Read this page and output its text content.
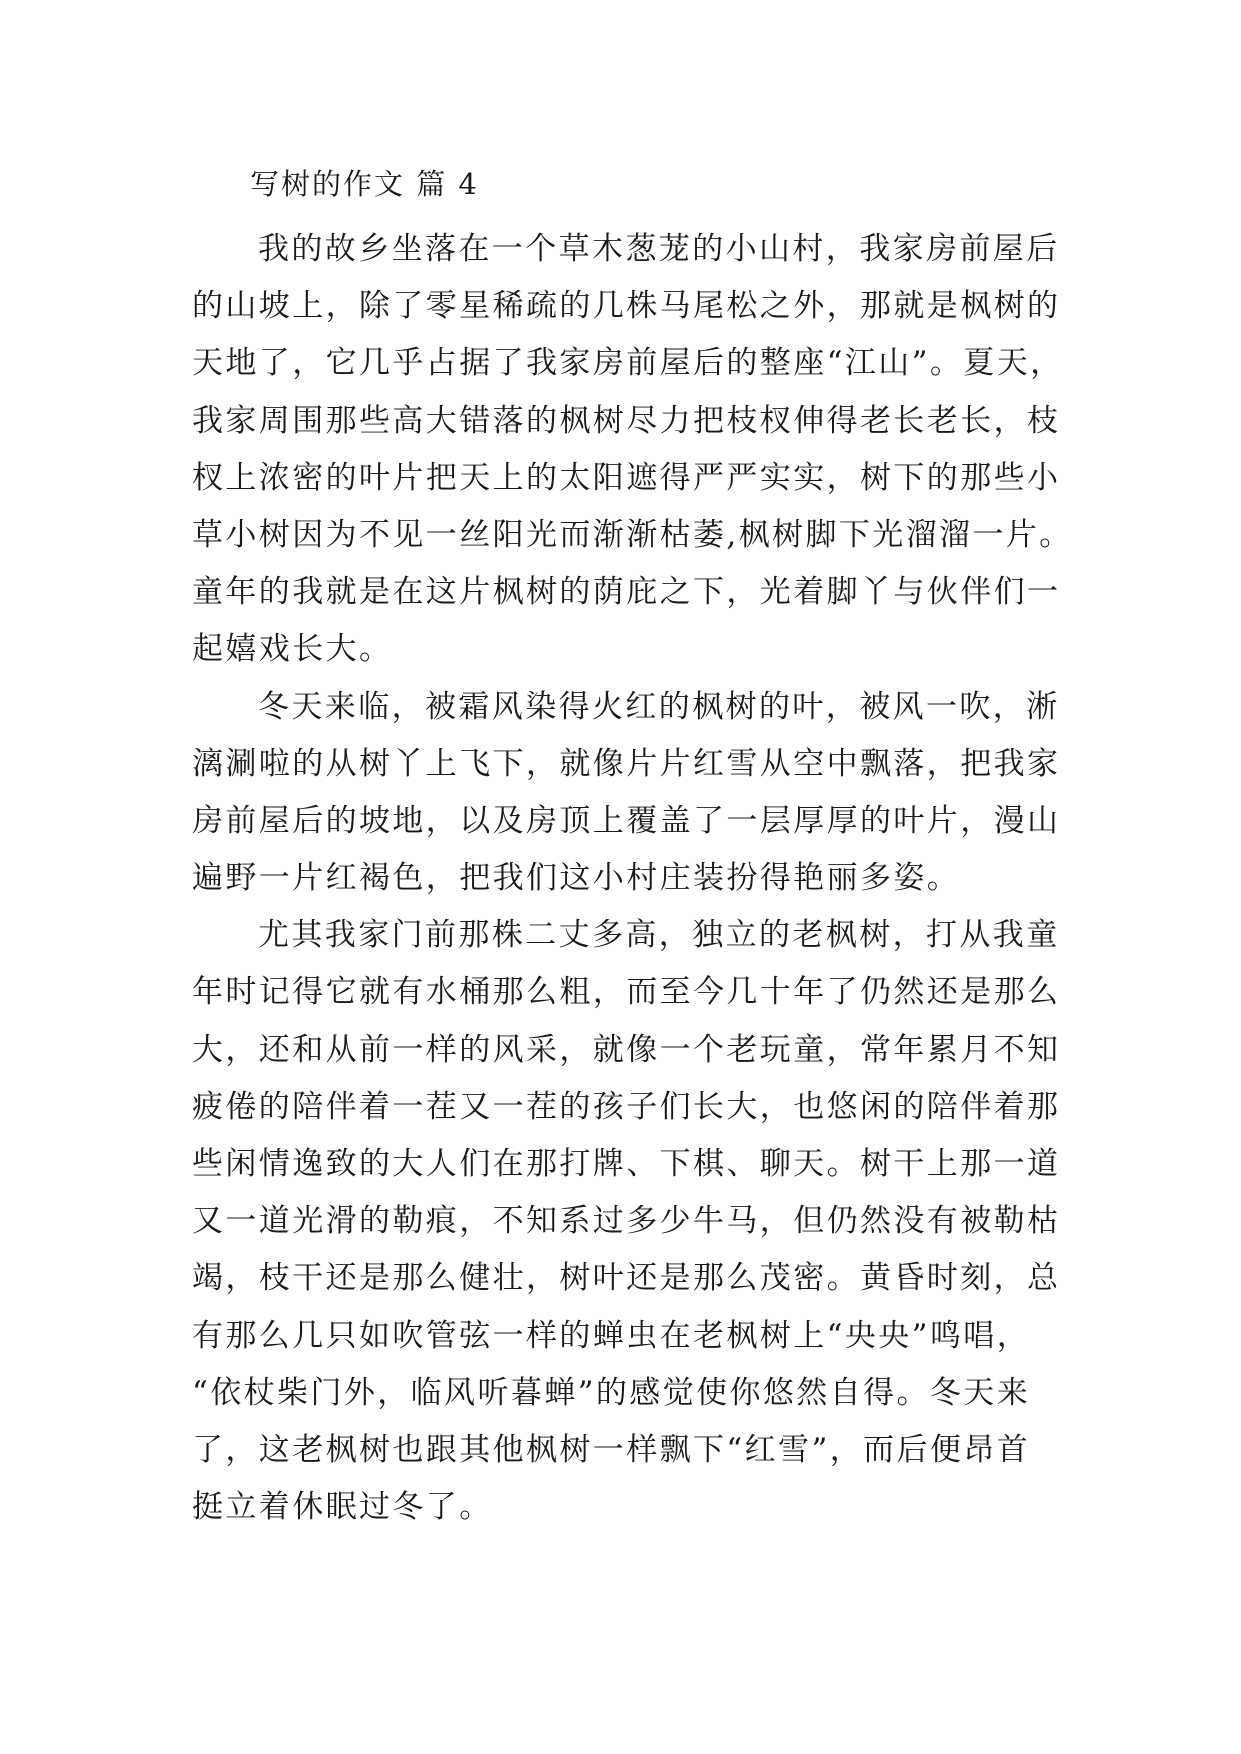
写树的作文 篇 4
我的故乡坐落在一个草木葱茏的小山村，我家房前屋后
的山坡上，除了零星稀疏的几株马尾松之外，那就是枫树的
天地了，它几乎占据了我家房前屋后的整座“江山”。夏天，
我家周围那些高大错落的枫树尽力把枝杈伸得老长老长，枝
杈上浓密的叶片把天上的太阳遮得严严实实，树下的那些小
草小树因为不见一丝阳光而渐渐枯萎,枫树脚下光溜溜一片。
童年的我就是在这片枫树的荫庇之下，光着脚丫与伙伴们一
起嬉戏长大。
冬天来临，被霜风染得火红的枫树的叶，被风一吹，淅
漓涮啦的从树丫上飞下，就像片片红雪从空中飘落，把我家
房前屋后的坡地，以及房顶上覆盖了一层厚厚的叶片，漫山
遍野一片红褐色，把我们这小村庄装扮得艳丽多姿。
尤其我家门前那株二丈多高，独立的老枫树，打从我童
年时记得它就有水桶那么粗，而至今几十年了仍然还是那么
大，还和从前一样的风采，就像一个老玩童，常年累月不知
疲倦的陪伴着一茬又一茬的孩子们长大，也悠闲的陪伴着那
些闲情逸致的大人们在那打牌、下棋、聊天。树干上那一道
又一道光滑的勒痕，不知系过多少牛马，但仍然没有被勒枯
竭，枝干还是那么健壮，树叶还是那么茂密。黄昏时刻，总
有那么几只如吹管弦一样的蝉虫在老枫树上“央央”鸣唱，
“依杖柴门外，临风听暮蝉”的感觉使你悠然自得。冬天来
了，这老枫树也跟其他枫树一样飘下“红雪”，而后便昂首
挺立着休眠过冬了。
